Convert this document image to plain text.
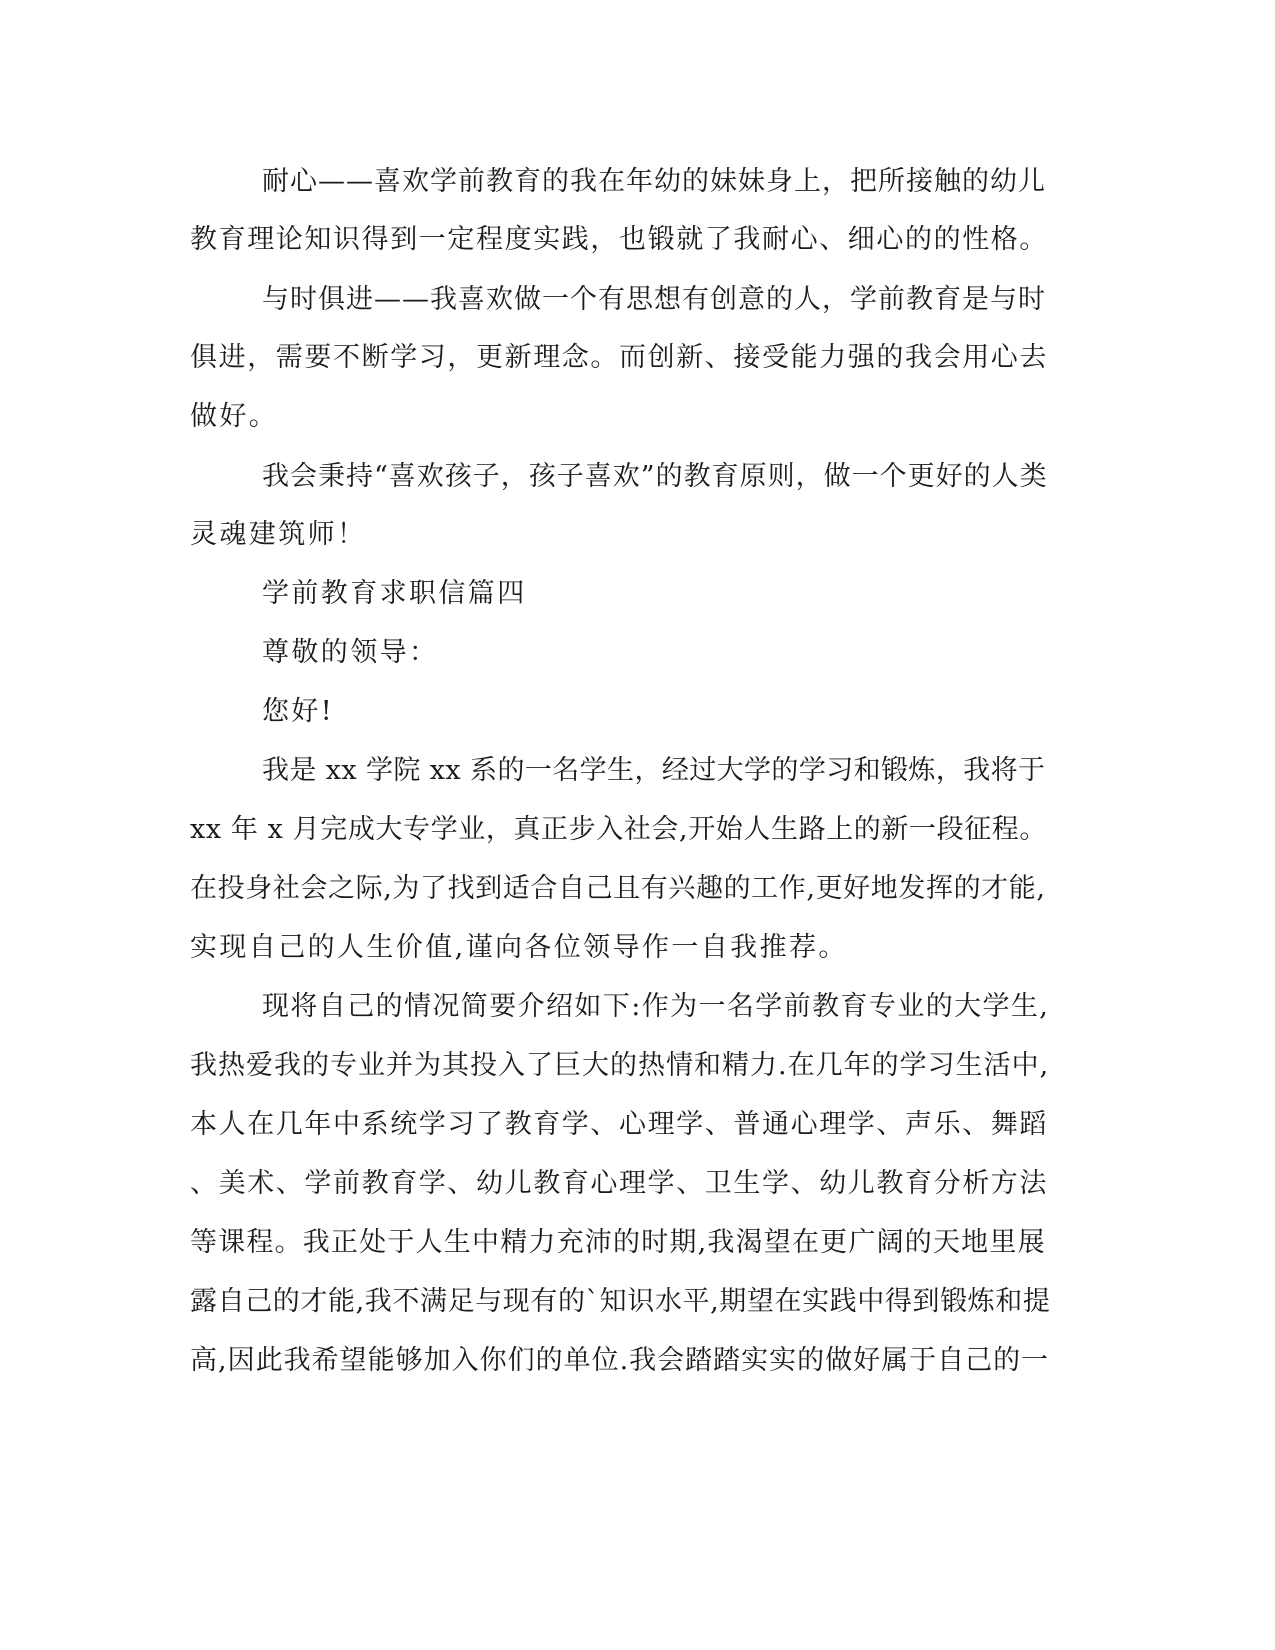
耐心——喜欢学前教育的我在年幼的妹妹身上，把所接触的幼儿

教育理论知识得到一定程度实践，也锻就了我耐心、细心的的性格。

与时俱进——我喜欢做一个有思想有创意的人，学前教育是与时

俱进，需要不断学习，更新理念。而创新、接受能力强的我会用心去

做好。

我会秉持“喜欢孩子，孩子喜欢”的教育原则，做一个更好的人类

灵魂建筑师！

学前教育求职信篇四

尊敬的领导：

您好!

我是 xx 学院 xx 系的一名学生，经过大学的学习和锻炼，我将于

xx 年 x 月完成大专学业，真正步入社会,开始人生路上的新一段征程。

在投身社会之际,为了找到适合自己且有兴趣的工作,更好地发挥的才能,

实现自己的人生价值,谨向各位领导作一自我推荐。

现将自己的情况简要介绍如下:作为一名学前教育专业的大学生,

我热爱我的专业并为其投入了巨大的热情和精力.在几年的学习生活中,

本人在几年中系统学习了教育学、心理学、普通心理学、声乐、舞蹈

、美术、学前教育学、幼儿教育心理学、卫生学、幼儿教育分析方法

等课程。我正处于人生中精力充沛的时期,我渴望在更广阔的天地里展

露自己的才能,我不满足与现有的`知识水平,期望在实践中得到锻炼和提

高,因此我希望能够加入你们的单位.我会踏踏实实的做好属于自己的一
